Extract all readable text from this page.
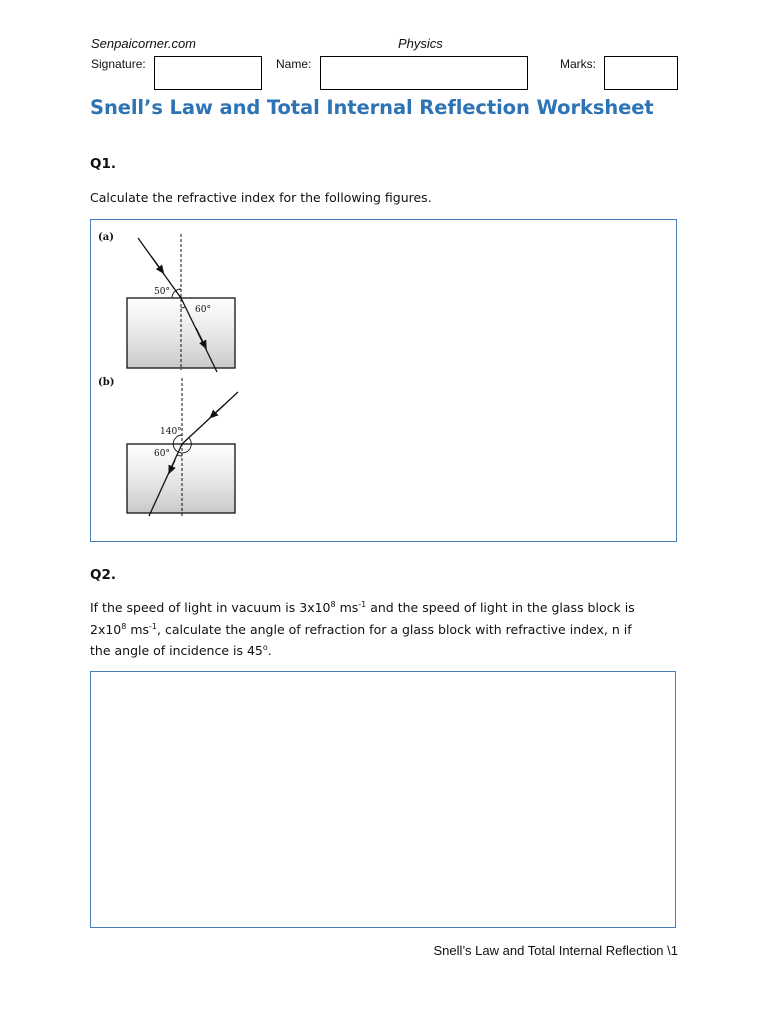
Senpaicorner.com	Physics
Signature:	Name:	Marks:
Snell’s Law and Total Internal Reflection Worksheet
Q1.
Calculate the refractive index for the following figures.
(a)
50°
60°
(b)
140°
60°
Q2.
If the speed of light in vacuum is $3x10^8$ $ms^{-1}$ and the speed of light in the glass block is
$2x10^8$ $ms^{-1}$, calculate the angle of refraction for a glass block with refractive index, n if
the angle of incidence is 45$^o$.
Snell’s Law and Total Internal Reflection \1
